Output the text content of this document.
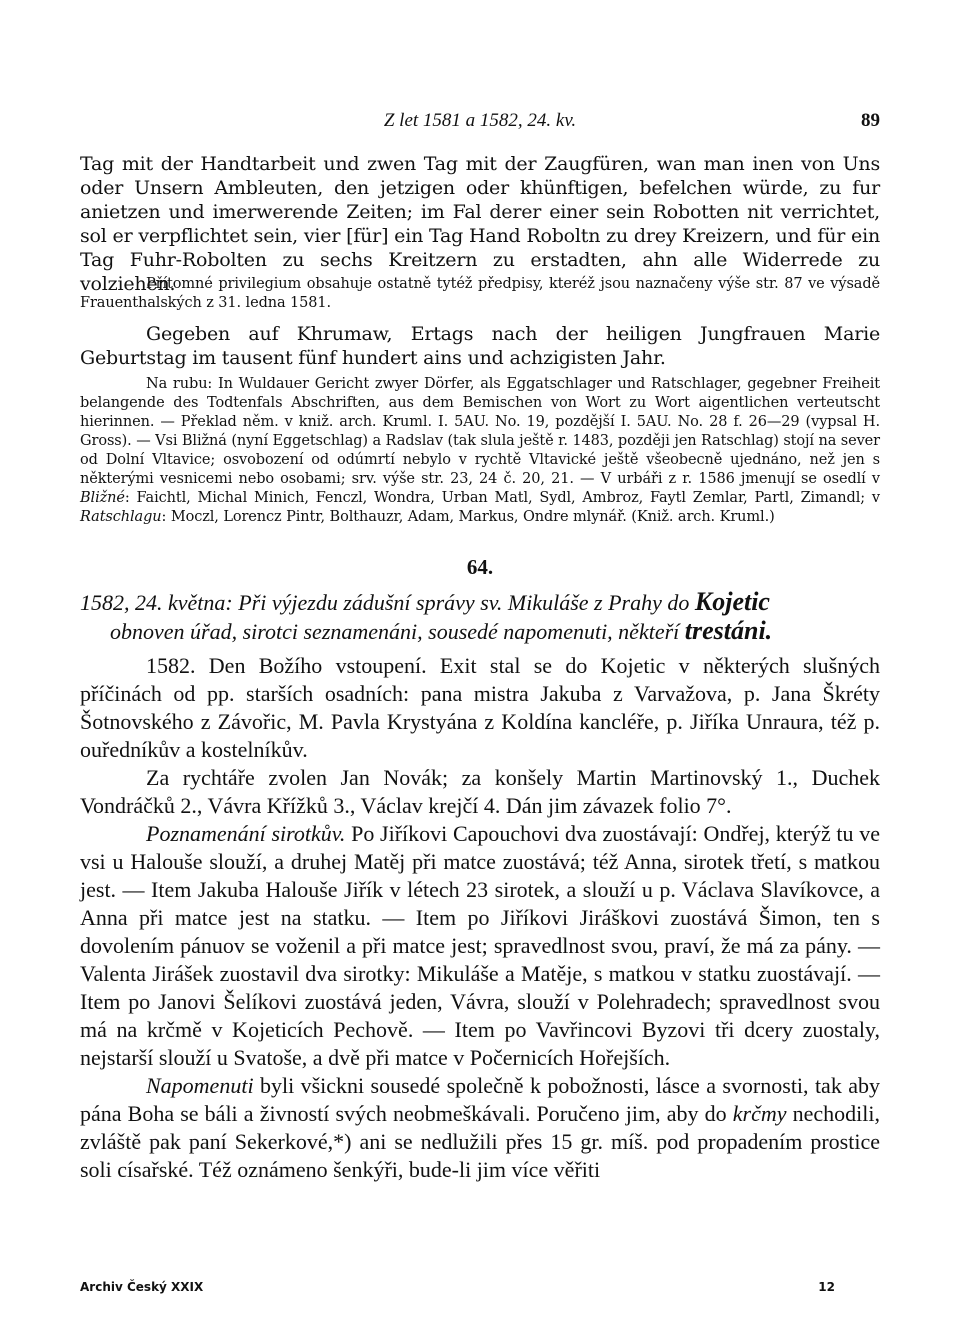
Z let 1581 a 1582, 24. kv.	89

Tag mit der Handtarbeit und zwen Tag mit der Zaugfüren, wan man inen von Uns oder Unsern Ambleuten, den jetzigen oder khünftigen, befelchen würde, zu fur anietzen und imerwerende Zeiten; im Fal derer einer sein Robotten nit verrichtet, sol er verpflichtet sein, vier [für] ein Tag Hand Roboltn zu drey Kreizern, und für ein Tag Fuhr-Robolten zu sechs Kreitzern zu erstadten, ahn alle Widerrede zu volziehen.

Přítomné privilegium obsahuje ostatně tytéž předpisy, kteréž jsou naznačeny výše str. 87 ve výsadě Frauenthalských z 31. ledna 1581.

Gegeben auf Khrumaw, Ertags nach der heiligen Jungfrauen Marie Geburtstag im tausent fünf hundert ains und achzigisten Jahr.

Na rubu: In Wuldauer Gericht zwyer Dörfer, als Eggatschlager und Ratschlager, gegebner Freiheit belangende des Todtenfals Abschriften, aus dem Bemischen von Wort zu Wort aigentlichen verteutscht hierinnen. — Překlad něm. v kniž. arch. Kruml. I. 5AU. No. 19, pozdější I. 5AU. No. 28 f. 26—29 (vypsal H. Gross). — Vsi Bližná (nyní Eggetschlag) a Radslav (tak slula ještě r. 1483, později jen Ratschlag) stojí na sever od Dolní Vltavice; osvobození od odúmrtí nebylo v rychtě Vltavické ještě všeobecně ujednáno, než jen s některými vesnicemi nebo osobami; srv. výše str. 23, 24 č. 20, 21. — V urbáři z r. 1586 jmenují se osedlí v Bližné: Faichtl, Michal Minich, Fenczl, Wondra, Urban Matl, Sydl, Ambroz, Faytl Zemlar, Partl, Zimandl; v Ratschlagu: Moczl, Lorencz Pintr, Bolthauzr, Adam, Markus, Ondre mlynář. (Kniž. arch. Kruml.)

64.
1582, 24. května: Při výjezdu zádušní správy sv. Mikuláše z Prahy do Kojetic
obnoven úřad, sirotci seznamenáni, sousedé napomenuti, někteří trestáni.

1582. Den Božího vstoupení. Exit stal se do Kojetic v některých slušných příčinách od pp. starších osadních: pana mistra Jakuba z Varvažova, p. Jana Škréty Šotnovského z Závořic, M. Pavla Krystyána z Koldína kancléře, p. Jiříka Unraura, též p. ouředníkův a kostelníkův.

Za rychtáře zvolen Jan Novák; za konšely Martin Martinovský 1., Duchek Vondráčků 2., Vávra Křížků 3., Václav krejčí 4. Dán jim závazek folio 7°.

Poznamenání sirotkův. Po Jiříkovi Capouchovi dva zuostávají: Ondřej, kterýž tu ve vsi u Halouše slouží, a druhej Matěj při matce zuostává; též Anna, sirotek třetí, s matkou jest. — Item Jakuba Halouše Jiřík v létech 23 sirotek, a slouží u p. Václava Slavíkovce, a Anna při matce jest na statku. — Item po Jiříkovi Jiráškovi zuostává Šimon, ten s dovolením pánuov se voženil a při matce jest; spravedlnost svou, praví, že má za pány. — Valenta Jirášek zuostavil dva sirotky: Mikuláše a Matěje, s matkou v statku zuostávají. — Item po Janovi Šelíkovi zuostává jeden, Vávra, slouží v Polehradech; spravedlnost svou má na krčmě v Kojeticích Pechově. — Item po Vavřincovi Byzovi tři dcery zuostaly, nejstarší slouží u Svatoše, a dvě při matce v Počernicích Hořejších.

Napomenuti byli všickni sousedé společně k pobožnosti, lásce a svornosti, tak aby pána Boha se báli a živností svých neobmeškávali. Poručeno jim, aby do krčmy nechodili, zvláště pak paní Sekerkové,*) ani se nedlužili přes 15 gr. míš. pod propadením prostice soli císařské. Též oznámeno šenkýři, bude-li jim více věřiti

Archiv Český XXIX	12
